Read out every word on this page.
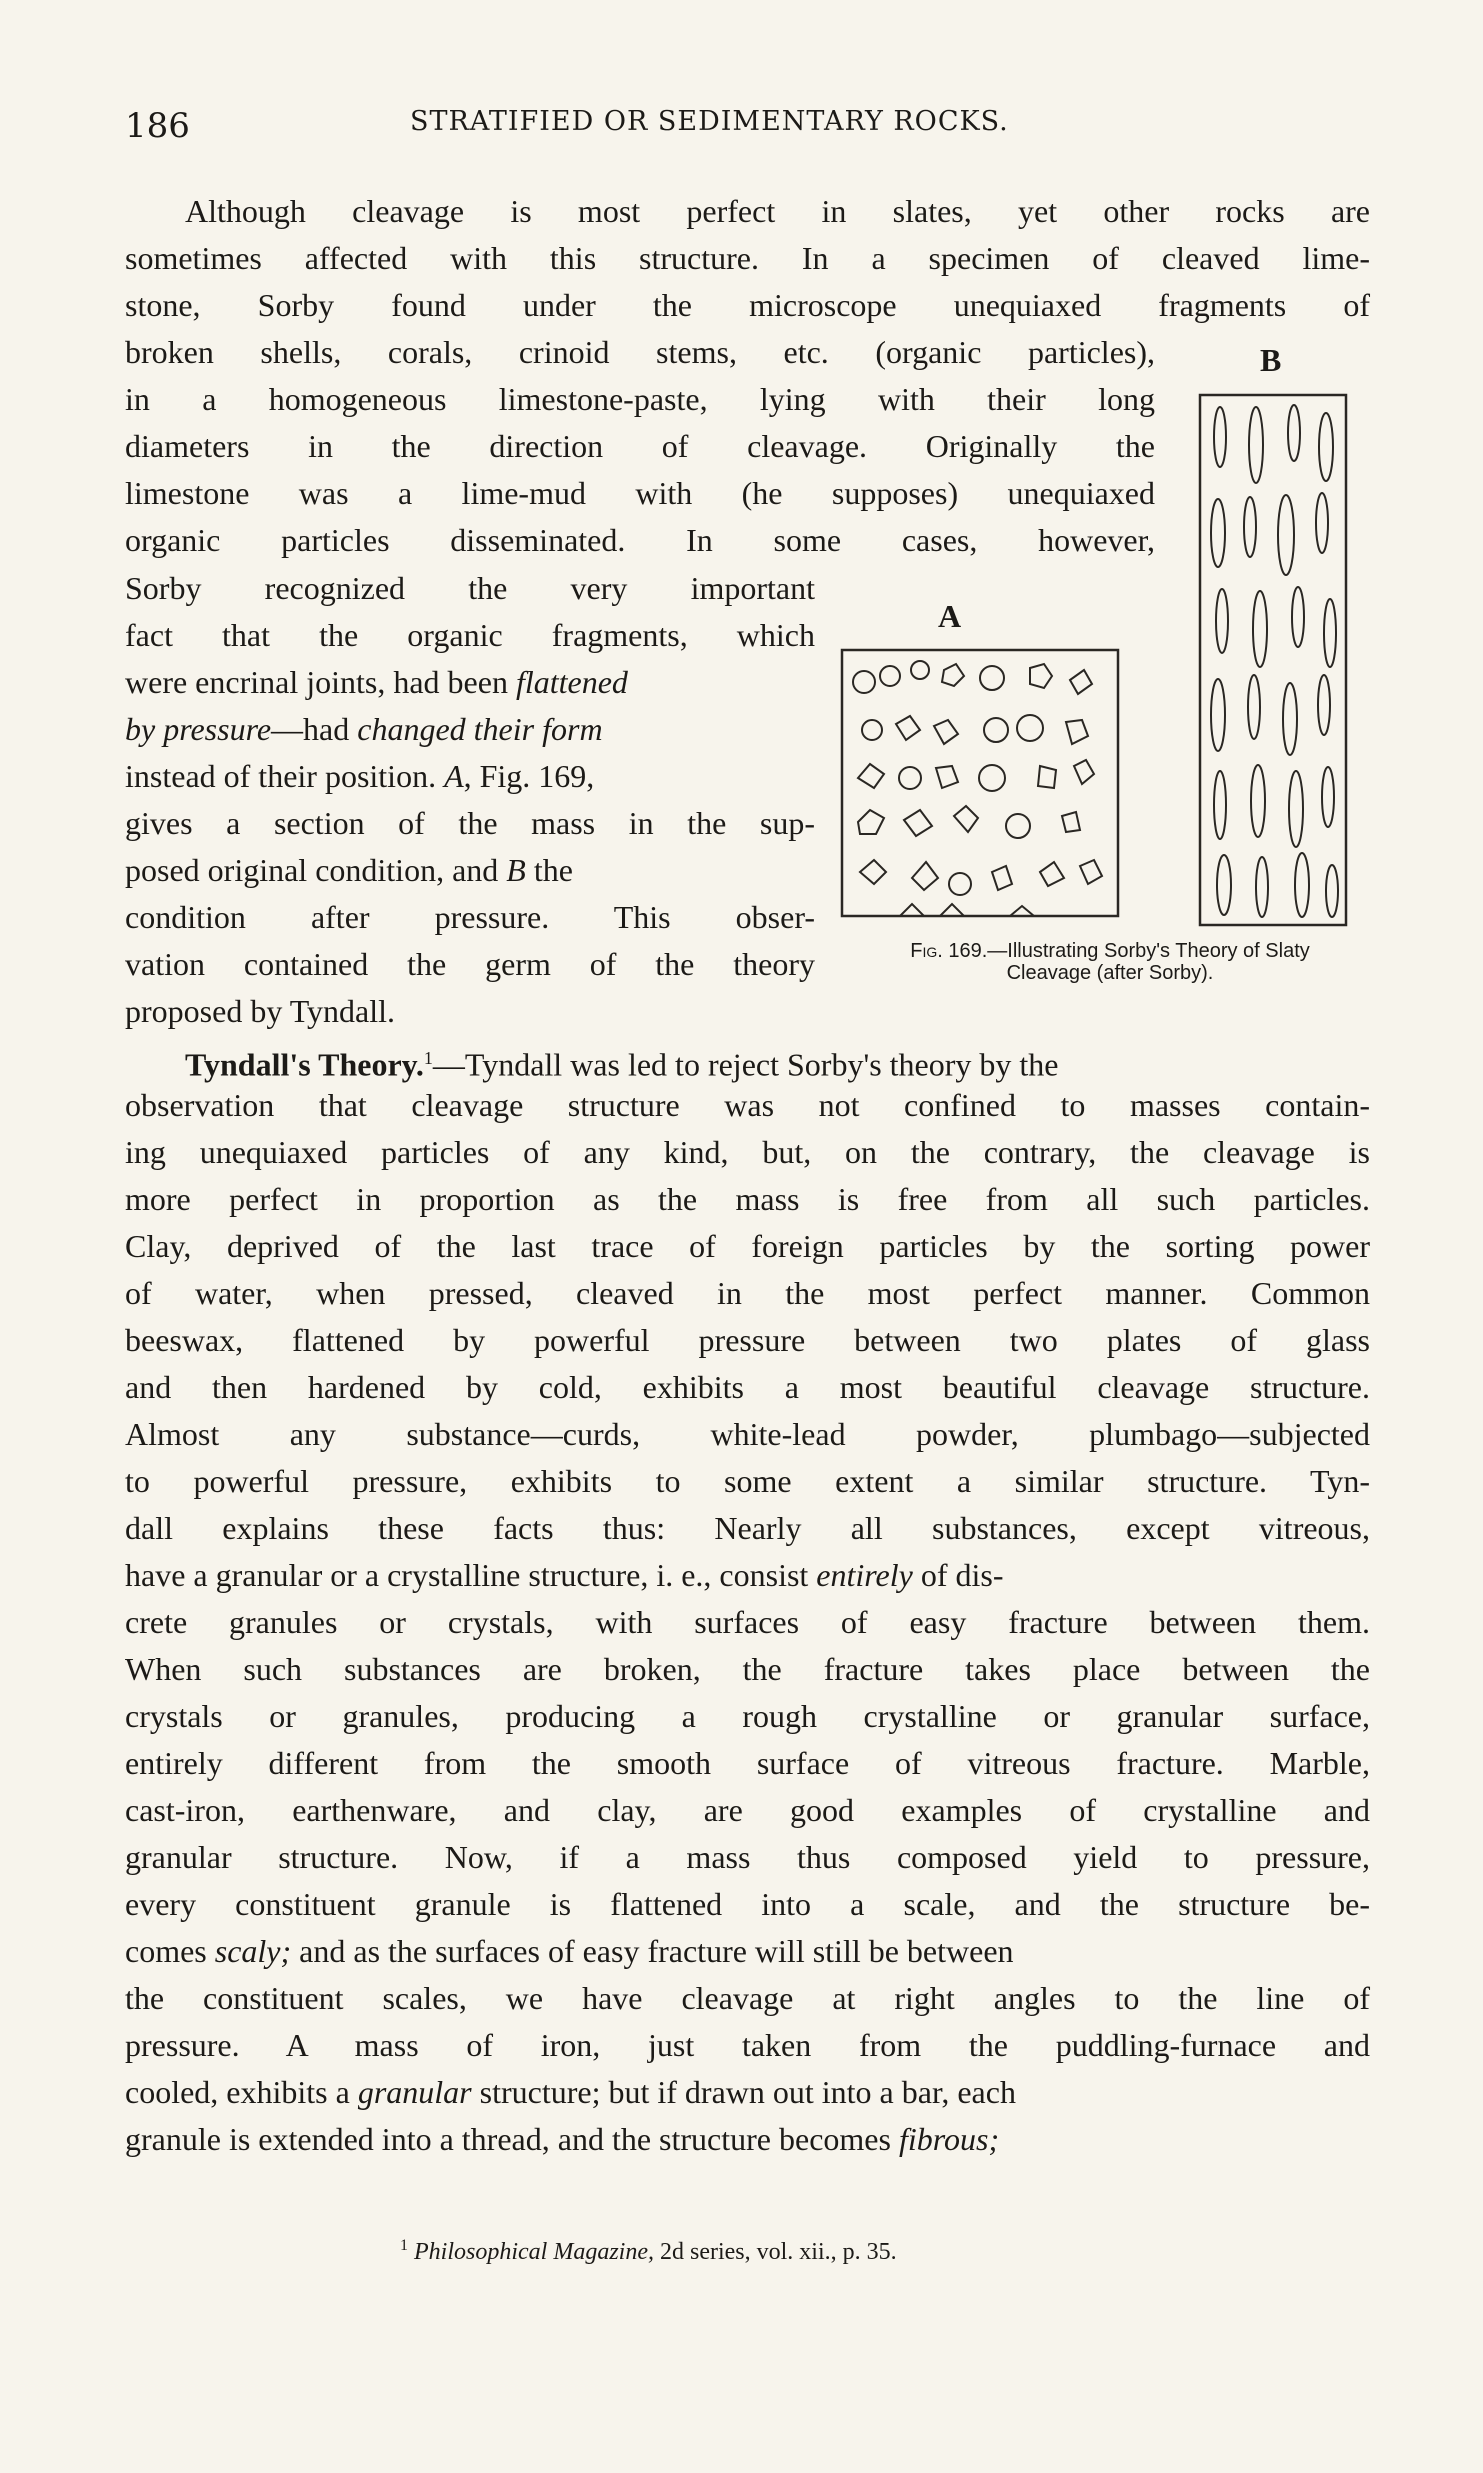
186	STRATIFIED OR SEDIMENTARY ROCKS.
Although cleavage is most perfect in slates, yet other rocks are
sometimes affected with this structure. In a specimen of cleaved lime-
stone, Sorby found under the microscope unequiaxed fragments of
broken shells, corals, crinoid stems, etc. (organic particles),
in a homogeneous limestone-paste, lying with their long
diameters in the direction of cleavage. Originally the
limestone was a lime-mud with (he supposes) unequiaxed
organic particles disseminated. In some cases, however,
Sorby recognized the very important
fact that the organic fragments, which
were encrinal joints, had been flattened
by pressure—had changed their form
instead of their position. A, Fig. 169,
gives a section of the mass in the sup-
posed original condition, and B the
condition after pressure. This obser-
vation contained the germ of the theory
proposed by Tyndall.
Tyndall's Theory.$^1$—Tyndall was led to reject Sorby's theory by the
observation that cleavage structure was not confined to masses contain-
ing unequiaxed particles of any kind, but, on the contrary, the cleavage is
more perfect in proportion as the mass is free from all such particles.
Clay, deprived of the last trace of foreign particles by the sorting power
of water, when pressed, cleaved in the most perfect manner. Common
beeswax, flattened by powerful pressure between two plates of glass
and then hardened by cold, exhibits a most beautiful cleavage structure.
Almost any substance—curds, white-lead powder, plumbago—subjected
to powerful pressure, exhibits to some extent a similar structure. Tyn-
dall explains these facts thus: Nearly all substances, except vitreous,
have a granular or a crystalline structure, i. e., consist entirely of dis-
crete granules or crystals, with surfaces of easy fracture between them.
When such substances are broken, the fracture takes place between the
crystals or granules, producing a rough crystalline or granular surface,
entirely different from the smooth surface of vitreous fracture. Marble,
cast-iron, earthenware, and clay, are good examples of crystalline and
granular structure. Now, if a mass thus composed yield to pressure,
every constituent granule is flattened into a scale, and the structure be-
comes scaly; and as the surfaces of easy fracture will still be between
the constituent scales, we have cleavage at right angles to the line of
pressure. A mass of iron, just taken from the puddling-furnace and
cooled, exhibits a granular structure; but if drawn out into a bar, each
granule is extended into a thread, and the structure becomes fibrous;
A
B
Fig. 169.—Illustrating Sorby's Theory of Slaty Cleavage (after Sorby).
$^1$ Philosophical Magazine, 2d series, vol. xii., p. 35.
